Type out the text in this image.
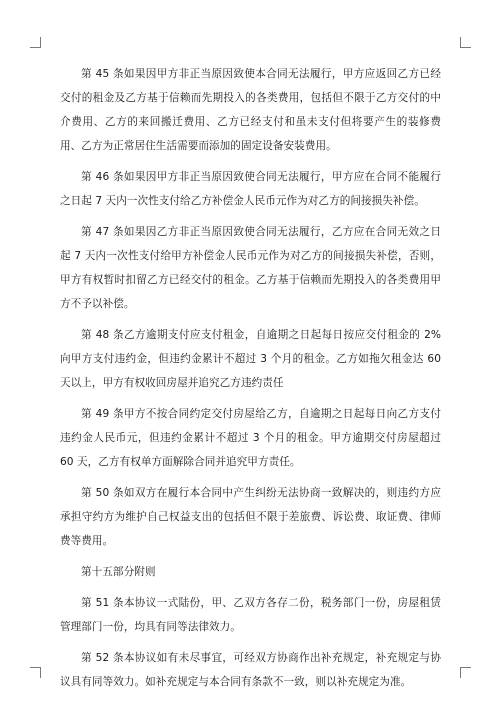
第 45 条如果因甲方非正当原因致使本合同无法履行，甲方应返回乙方已经交付的租金及乙方基于信赖而先期投入的各类费用，包括但不限于乙方交付的中介费用、乙方的来回搬迁费用、乙方已经支付和虽未支付但将要产生的装修费用、乙方为正常居住生活需要而添加的固定设备安装费用。

第 46 条如果因甲方非正当原因致使合同无法履行，甲方应在合同不能履行之日起 7 天内一次性支付给乙方补偿金人民币元作为对乙方的间接损失补偿。

第 47 条如果因乙方非正当原因致使合同无法履行，乙方应在合同无效之日起 7 天内一次性支付给甲方补偿金人民币元作为对乙方的间接损失补偿，否则，甲方有权暂时扣留乙方已经交付的租金。乙方基于信赖而先期投入的各类费用甲方不予以补偿。

第 48 条乙方逾期支付应支付租金，自逾期之日起每日按应交付租金的 2%向甲方支付违约金，但违约金累计不超过 3 个月的租金。乙方如拖欠租金达 60 天以上，甲方有权收回房屋并追究乙方违约责任

第 49 条甲方不按合同约定交付房屋给乙方，自逾期之日起每日向乙方支付违约金人民币元，但违约金累计不超过 3 个月的租金。甲方逾期交付房屋超过 60 天，乙方有权单方面解除合同并追究甲方责任。

第 50 条如双方在履行本合同中产生纠纷无法协商一致解决的，则违约方应承担守约方为维护自己权益支出的包括但不限于差旅费、诉讼费、取证费、律师费等费用。

第十五部分附则

第 51 条本协议一式陆份，甲、乙双方各存二份，税务部门一份，房屋租赁管理部门一份，均具有同等法律效力。

第 52 条本协议如有未尽事宜，可经双方协商作出补充规定，补充规定与协议具有同等效力。如补充规定与本合同有条款不一致，则以补充规定为准。
